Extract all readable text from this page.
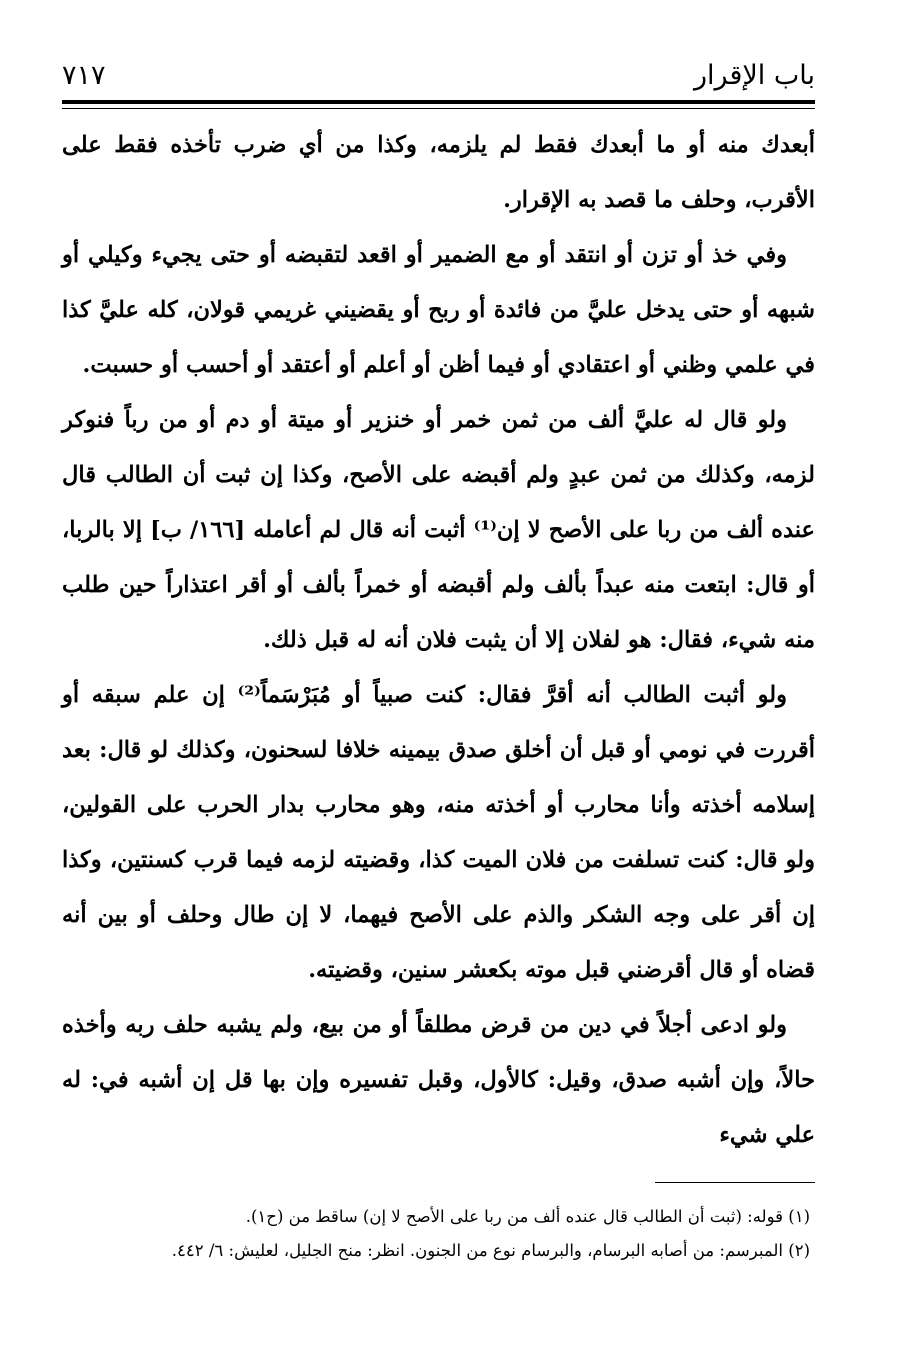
باب الإقرار
٧١٧

أبعدك منه أو ما أبعدك فقط لم يلزمه، وكذا من أي ضرب تأخذه فقط على الأقرب، وحلف ما قصد به الإقرار.

وفي خذ أو تزن أو انتقد أو مع الضمير أو اقعد لتقبضه أو حتى يجيء وكيلي أو شبهه أو حتى يدخل عليَّ من فائدة أو ربح أو يقضيني غريمي قولان، كله عليَّ كذا في علمي وظني أو اعتقادي أو فيما أظن أو أعلم أو أعتقد أو أحسب أو حسبت.

ولو قال له عليَّ ألف من ثمن خمر أو خنزير أو ميتة أو دم أو من رباً فنوكر لزمه، وكذلك من ثمن عبدٍ ولم أقبضه على الأصح، وكذا إن ثبت أن الطالب قال عنده ألف من ربا على الأصح لا إن⁽¹⁾ أثبت أنه قال لم أعامله [١٦٦/ ب] إلا بالربا، أو قال: ابتعت منه عبداً بألف ولم أقبضه أو خمراً بألف أو أقر اعتذاراً حين طلب منه شيء، فقال: هو لفلان إلا أن يثبت فلان أنه له قبل ذلك.

ولو أثبت الطالب أنه أقرَّ فقال: كنت صبياً أو مُبَرْسَماً⁽²⁾ إن علم سبقه أو أقررت في نومي أو قبل أن أخلق صدق بيمينه خلافا لسحنون، وكذلك لو قال: بعد إسلامه أخذته وأنا محارب أو أخذته منه، وهو محارب بدار الحرب على القولين، ولو قال: كنت تسلفت من فلان الميت كذا، وقضيته لزمه فيما قرب كسنتين، وكذا إن أقر على وجه الشكر والذم على الأصح فيهما، لا إن طال وحلف أو بين أنه قضاه أو قال أقرضني قبل موته بكعشر سنين، وقضيته.

ولو ادعى أجلاً في دين من قرض مطلقاً أو من بيع، ولم يشبه حلف ربه وأخذه حالاً، وإن أشبه صدق، وقيل: كالأول، وقبل تفسيره وإن بها قل إن أشبه في: له علي شيء

(١) قوله: (ثبت أن الطالب قال عنده ألف من ربا على الأصح لا إن) ساقط من (ح١).

(٢) المبرسم: من أصابه البرسام، والبرسام نوع من الجنون. انظر: منح الجليل، لعليش: ٦/ ٤٤٢.
